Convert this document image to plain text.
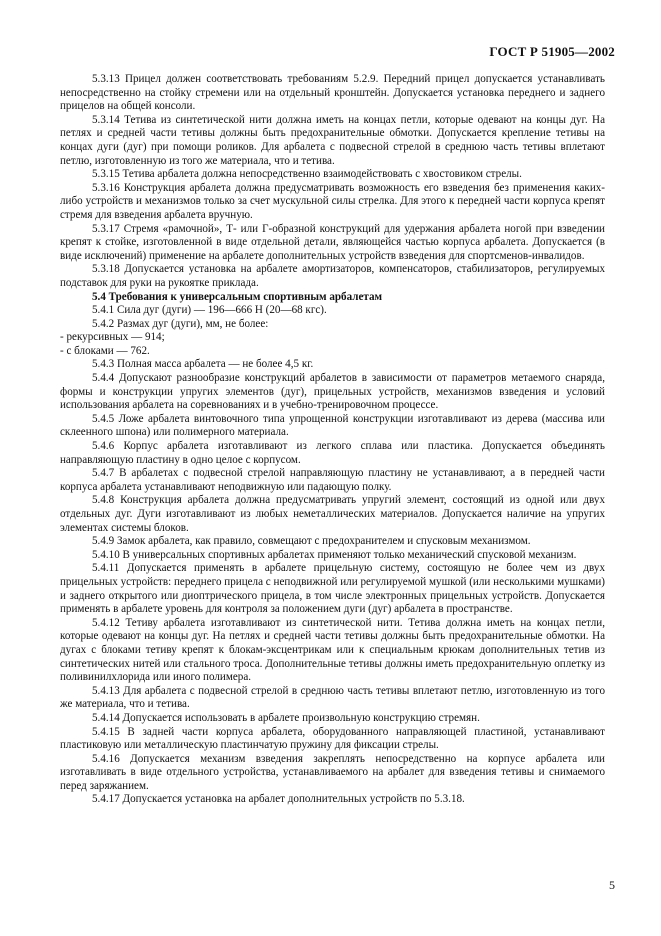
ГОСТ Р 51905—2002

5.3.13 Прицел должен соответствовать требованиям 5.2.9. Передний прицел допускается устанавливать непосредственно на стойку стремени или на отдельный кронштейн. Допускается установка переднего и заднего прицелов на общей консоли.

5.3.14 Тетива из синтетической нити должна иметь на концах петли, которые одевают на концы дуг. На петлях и средней части тетивы должны быть предохранительные обмотки. Допускается крепление тетивы на концах дуги (дуг) при помощи роликов. Для арбалета с подвесной стрелой в среднюю часть тетивы вплетают петлю, изготовленную из того же материала, что и тетива.

5.3.15 Тетива арбалета должна непосредственно взаимодействовать с хвостовиком стрелы.

5.3.16 Конструкция арбалета должна предусматривать возможность его взведения без применения каких-либо устройств и механизмов только за счет мускульной силы стрелка. Для этого к передней части корпуса крепят стремя для взведения арбалета вручную.

5.3.17 Стремя «рамочной», Т- или Г-образной конструкций для удержания арбалета ногой при взведении крепят к стойке, изготовленной в виде отдельной детали, являющейся частью корпуса арбалета. Допускается (в виде исключений) применение на арбалете дополнительных устройств взведения для спортсменов-инвалидов.

5.3.18 Допускается установка на арбалете амортизаторов, компенсаторов, стабилизаторов, регулируемых подставок для руки на рукоятке приклада.

5.4 Требования к универсальным спортивным арбалетам

5.4.1 Сила дуг (дуги) — 196—666 Н (20—68 кгс).

5.4.2 Размах дуг (дуги), мм, не более:

- рекурсивных — 914;

- с блоками — 762.

5.4.3 Полная масса арбалета — не более 4,5 кг.

5.4.4 Допускают разнообразие конструкций арбалетов в зависимости от параметров метаемого снаряда, формы и конструкции упругих элементов (дуг), прицельных устройств, механизмов взведения и условий использования арбалета на соревнованиях и в учебно-тренировочном процессе.

5.4.5 Ложе арбалета винтовочного типа упрощенной конструкции изготавливают из дерева (массива или склеенного шпона) или полимерного материала.

5.4.6 Корпус арбалета изготавливают из легкого сплава или пластика. Допускается объединять направляющую пластину в одно целое с корпусом.

5.4.7 В арбалетах с подвесной стрелой направляющую пластину не устанавливают, а в передней части корпуса арбалета устанавливают неподвижную или падающую полку.

5.4.8 Конструкция арбалета должна предусматривать упругий элемент, состоящий из одной или двух отдельных дуг. Дуги изготавливают из любых неметаллических материалов. Допускается наличие на упругих элементах системы блоков.

5.4.9 Замок арбалета, как правило, совмещают с предохранителем и спусковым механизмом.

5.4.10 В универсальных спортивных арбалетах применяют только механический спусковой механизм.

5.4.11 Допускается применять в арбалете прицельную систему, состоящую не более чем из двух прицельных устройств: переднего прицела с неподвижной или регулируемой мушкой (или несколькими мушками) и заднего открытого или диоптрического прицела, в том числе электронных прицельных устройств. Допускается применять в арбалете уровень для контроля за положением дуги (дуг) арбалета в пространстве.

5.4.12 Тетиву арбалета изготавливают из синтетической нити. Тетива должна иметь на концах петли, которые одевают на концы дуг. На петлях и средней части тетивы должны быть предохранительные обмотки. На дугах с блоками тетиву крепят к блокам-эксцентрикам или к специальным крюкам дополнительных тетив из синтетических нитей или стального троса. Дополнительные тетивы должны иметь предохранительную оплетку из поливинилхлорида или иного полимера.

5.4.13 Для арбалета с подвесной стрелой в среднюю часть тетивы вплетают петлю, изготовленную из того же материала, что и тетива.

5.4.14 Допускается использовать в арбалете произвольную конструкцию стремян.

5.4.15 В задней части корпуса арбалета, оборудованного направляющей пластиной, устанавливают пластиковую или металлическую пластинчатую пружину для фиксации стрелы.

5.4.16 Допускается механизм взведения закреплять непосредственно на корпусе арбалета или изготавливать в виде отдельного устройства, устанавливаемого на арбалет для взведения тетивы и снимаемого перед заряжанием.

5.4.17 Допускается установка на арбалет дополнительных устройств по 5.3.18.

5
